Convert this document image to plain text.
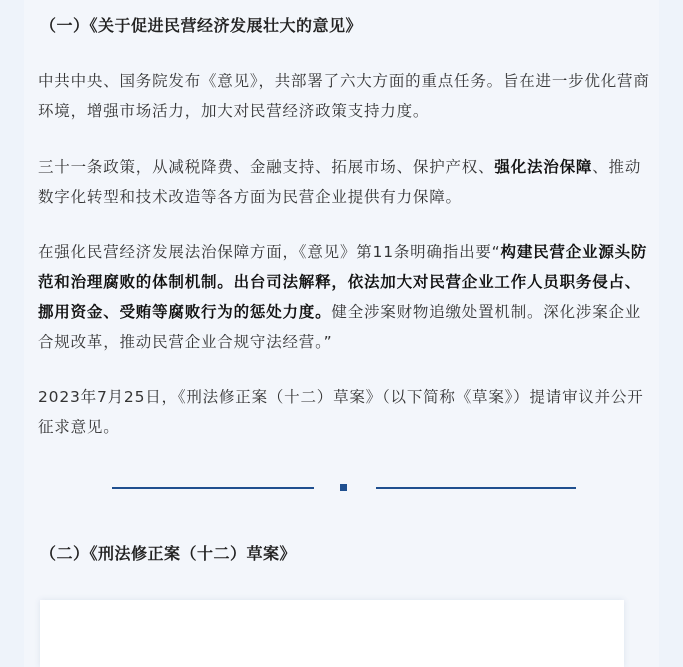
（一）《关于促进民营经济发展壮大的意见》

中共中央、国务院发布《意见》，共部署了六大方面的重点任务。旨在进一步优化营商环境，增强市场活力，加大对民营经济政策支持力度。

三十一条政策，从减税降费、金融支持、拓展市场、保护产权、强化法治保障、推动数字化转型和技术改造等各方面为民营企业提供有力保障。

在强化民营经济发展法治保障方面，《意见》第11条明确指出要“构建民营企业源头防范和治理腐败的体制机制。出台司法解释，依法加大对民营企业工作人员职务侵占、挪用资金、受贿等腐败行为的惩处力度。健全涉案财物追缴处置机制。深化涉案企业合规改革，推动民营企业合规守法经营。”

2023年7月25日，《刑法修正案（十二）草案》（以下简称《草案》）提请审议并公开征求意见。

（二）《刑法修正案（十二）草案》
